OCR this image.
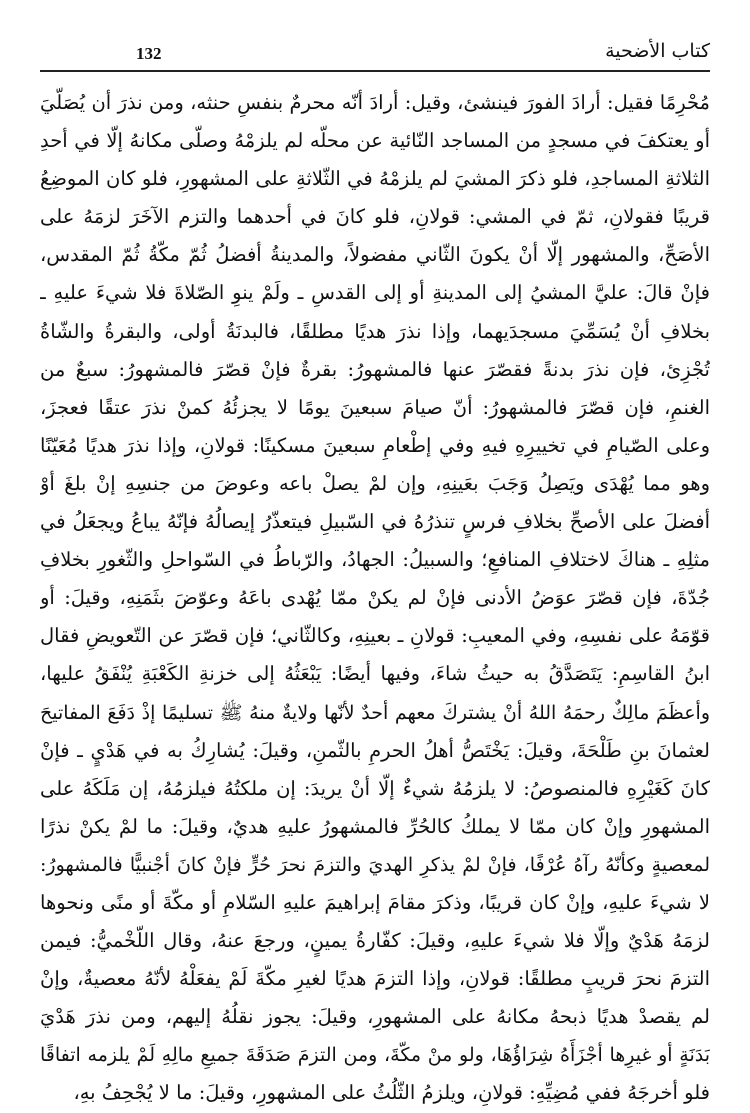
132	كتاب الأضحية
مُحْرِمًا فقيل: أرادَ الفورَ فينشئ، وقيل: أرادَ أنّه محرمٌ بنفسِ حنثه، ومن نذرَ أن يُصَلّيَ
أو يعتكفَ في مسجدٍ من المساجد النّائية عن محلّه لم يلزمْهُ وصلّى مكانهُ إلّا في أحدِ
الثلاثةِ المساجدِ، فلو ذكرَ المشيَ لم يلزمْهُ في الثّلاثةِ على المشهورِ، فلو كان الموضِعُ
قريبًا فقولانِ، ثمّ في المشي: قولانِ، فلو كانَ في أحدهما والتزم الآخَرَ لزمَهُ على
الأصَحِّ، والمشهور إلّا أنْ يكونَ الثّاني مفضولاً، والمدينةُ أفضلُ ثُمّ مكّةُ ثُمّ المقدس،
فإنْ قالَ: عليَّ المشيُ إلى المدينةِ أو إلى القدسِ ـ ولَمْ ينوِ الصّلاةَ فلا شيءَ عليهِ ـ
بخلافِ أنْ يُسَمِّيَ مسجدَيهما، وإذا نذرَ هديًا مطلقًا، فالبدنَةُ أولى، والبقرةُ والشّاةُ
تُجْزِئ، فإن نذرَ بدنةً فقصّرَ عنها فالمشهورُ: بقرةٌ فإنْ قصّرَ فالمشهورُ: سبعٌ من
الغنمِ، فإن قصّرَ فالمشهورُ: أنّ صيامَ سبعينَ يومًا لا يجزئُهُ كمنْ نذرَ عتقًا فعجزَ،
وعلى الصّيامِ في تخييرِهِ فيهِ وفي إطْعامِ سبعينَ مسكينًا: قولانِ، وإذا نذرَ هديًا مُعَيّنًا
وهو مما يُهْدَى ويَصِلُ وَجَبَ بعَينِهِ، وإن لمْ يصلْ باعه وعوضَ من جنسِهِ إنْ بلغَ أوْ
أفضلَ على الأصحِّ بخلافِ فرسٍ تنذرُهُ في السّبيلِ فيتعذّرُ إيصالُهُ فإنّهُ يباعُ ويجعَلُ في
مثلِهِ ـ هناكَ لاختلافِ المنافعِ؛ والسبيلُ: الجهادُ، والرّباطُ في السّواحلِ والثّغورِ بخلافِ
جُدّةَ، فإن قصّرَ عوَضُ الأدنى فإنْ لم يكنْ ممّا يُهْدى باعَهُ وعوّضَ بثَمَنِهِ، وقيلَ: أو
قوّمَهُ على نفسِهِ، وفي المعيبِ: قولانِ ـ بعينِهِ، وكالثّاني؛ فإن قصّرَ عن التّعويضِ فقال
ابنُ القاسِمِ: يَتَصَدَّقُ به حيثُ شاءَ، وفيها أيضًا: يَبْعَثُهُ إلى خزنةِ الكَعْبَةِ يُنْفَقُ عليها،
وأعظَمَ مالِكٌ رحمَهُ اللهُ أنْ يشتركَ معهم أحدٌ لأنّها ولايةٌ منهُ ﷺ تسليمًا إذْ دَفَعَ المفاتيحَ
لعثمانَ بنِ طَلْحَةَ، وقيلَ: يَخْتَصُّ أهلُ الحرمِ بالثّمنِ، وقيلَ: يُشارِكُ به في هَدْيٍ ـ فإنْ
كانَ كَغَيْرِهِ فالمنصوصُ: لا يلزمُهُ شيءٌ إلّا أنْ يريدَ: إن ملكتُهُ فيلزمُهُ، إن مَلَكَهُ على
المشهورِ وإنْ كان ممّا لا يملكُ كالحُرِّ فالمشهورُ عليهِ هديٌ، وقيلَ: ما لمْ يكنْ نذرًا
لمعصيةٍ وكأنّهُ رآهُ عُرْفًا، فإنْ لمْ يذكرِ الهديَ والتزمَ نحرَ حُرٍّ فإنْ كانَ أجْنبيًّا فالمشهورُ:
لا شيءَ عليهِ، وإنْ كان قريبًا، وذكرَ مقامَ إبراهيمَ عليهِ السّلامِ أو مكّةَ أو منًى ونحوها
لزمَهُ هَدْيٌ وإلّا فلا شيءَ عليهِ، وقيلَ: كفّارةُ يمينٍ، ورجعَ عنهُ، وقال اللّخْميُّ: فيمن
التزمَ نحرَ قريبٍ مطلقًا: قولانِ، وإذا التزمَ هديًا لغيرِ مكّةَ لَمْ يفعَلْهُ لأنّهُ معصيةٌ، وإنْ
لم يقصدْ هديًا ذبحهُ مكانهُ على المشهورِ، وقيلَ: يجوز نقلُهُ إليهم، ومن نذرَ هَدْيَ
بَدَنَةٍ أو غيرِها أجْزَأَهُ شِرَاؤُهَا، ولو منْ مكّةَ، ومن التزمَ صَدَقَةَ جميعِ مالِهِ لَمْ يلزمه اتفاقًا
فلو أخرجَهُ ففي مُضِيِّهِ: قولانِ، ويلزمُ الثّلُثُ على المشهورِ، وقيلَ: ما لا يُجْحِفُ بهِ،
